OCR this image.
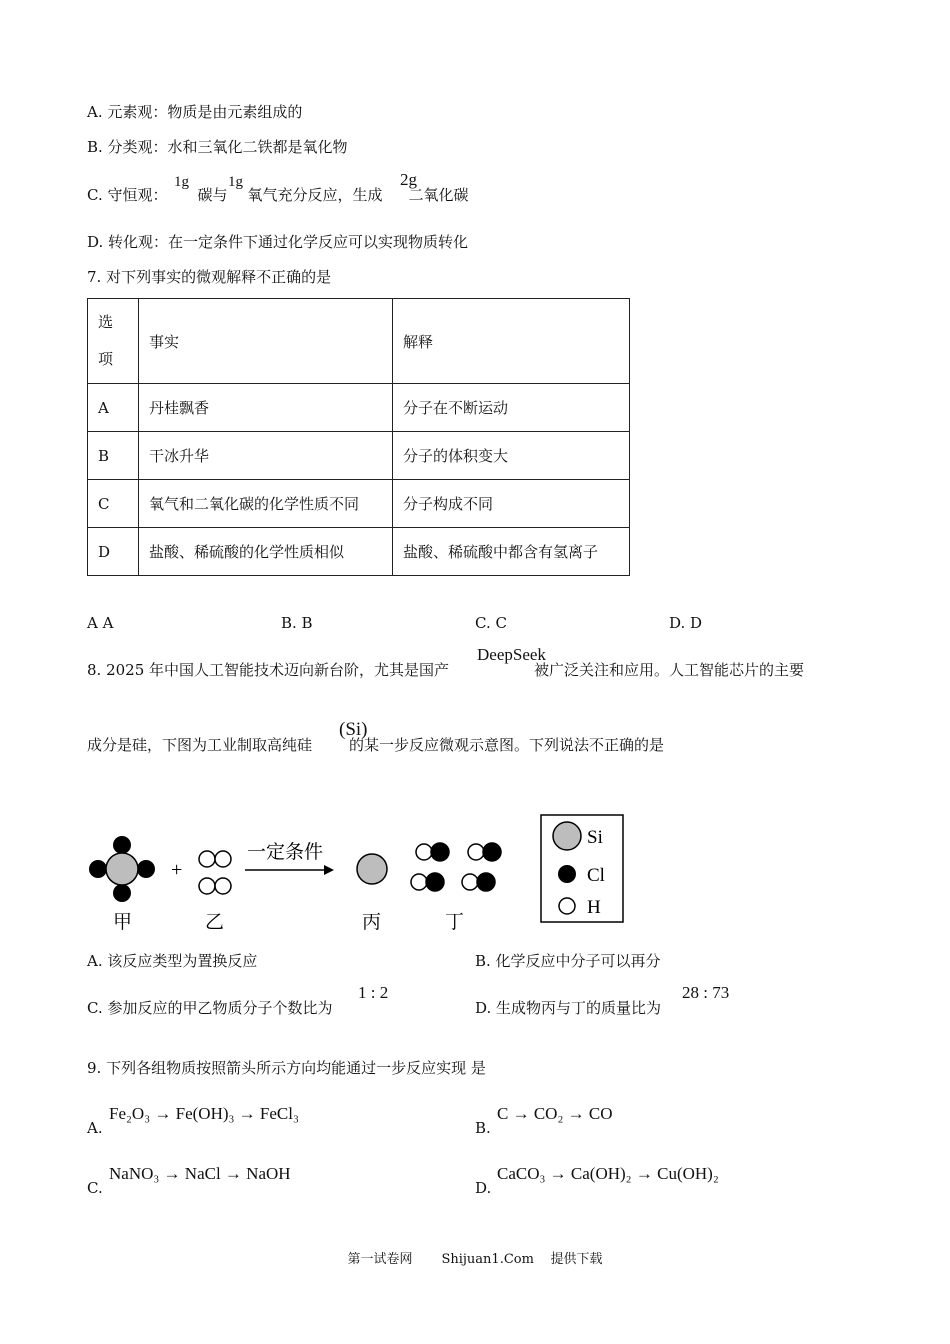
A. 元素观：物质是由元素组成的
B. 分类观：水和三氧化二铁都是氧化物
C. 守恒观： 碳与 氧气充分反应，生成 二氧化碳
1g	1g	2g
D. 转化观：在一定条件下通过化学反应可以实现物质转化
7. 对下列事实的微观解释不正确的是
选
项	事实	解释
A	丹桂飘香	分子在不断运动
B	干冰升华	分子的体积变大
C	氧气和二氧化碳的化学性质不同	分子构成不同
D	盐酸、稀硫酸的化学性质相似	盐酸、稀硫酸中都含有氢离子
A A	B. B	C. C	D. D
8. 2025 年中国人工智能技术迈向新台阶，尤其是国产	被广泛关注和应用。人工智能芯片的主要
DeepSeek
成分是硅，下图为工业制取高纯硅 的某一步反应微观示意图。下列说法不正确的是
(Si)
+
一定条件
甲	乙	丙	丁
Si
Cl
H
A. 该反应类型为置换反应	B. 化学反应中分子可以再分
C. 参加反应的甲乙物质分子个数比为
1 : 2
D. 生成物丙与丁的质量比为
28 : 73
9. 下列各组物质按照箭头所示方向均能通过一步反应实现 是
A.
Fe₂O₃ → Fe(OH)₃ → FeCl₃
B.
C → CO₂ → CO
C.
NaNO₃ → NaCl → NaOH
D.
CaCO₃ → Ca(OH)₂ → Cu(OH)₂
第一试卷网       Shijuan1.Com    提供下载
